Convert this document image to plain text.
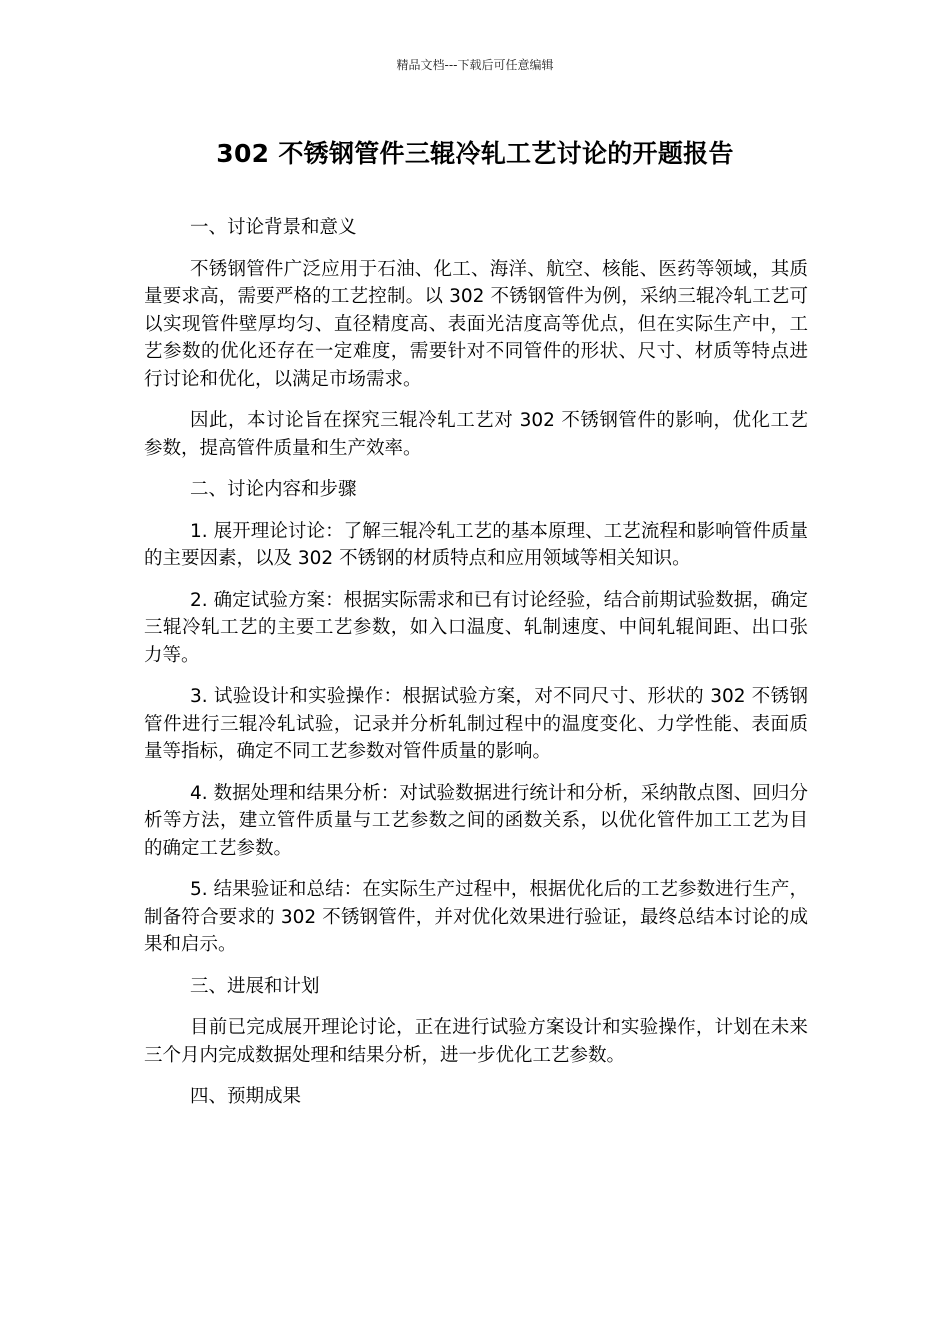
精品文档---下载后可任意编辑
302 不锈钢管件三辊冷轧工艺讨论的开题报告

一、讨论背景和意义

不锈钢管件广泛应用于石油、化工、海洋、航空、核能、医药等领域，其质量要求高，需要严格的工艺控制。以 302 不锈钢管件为例，采纳三辊冷轧工艺可以实现管件壁厚均匀、直径精度高、表面光洁度高等优点，但在实际生产中，工艺参数的优化还存在一定难度，需要针对不同管件的形状、尺寸、材质等特点进行讨论和优化，以满足市场需求。

因此，本讨论旨在探究三辊冷轧工艺对 302 不锈钢管件的影响，优化工艺参数，提高管件质量和生产效率。

二、讨论内容和步骤

1. 展开理论讨论：了解三辊冷轧工艺的基本原理、工艺流程和影响管件质量的主要因素，以及 302 不锈钢的材质特点和应用领域等相关知识。

2. 确定试验方案：根据实际需求和已有讨论经验，结合前期试验数据，确定三辊冷轧工艺的主要工艺参数，如入口温度、轧制速度、中间轧辊间距、出口张力等。

3. 试验设计和实验操作：根据试验方案，对不同尺寸、形状的 302 不锈钢管件进行三辊冷轧试验，记录并分析轧制过程中的温度变化、力学性能、表面质量等指标，确定不同工艺参数对管件质量的影响。

4. 数据处理和结果分析：对试验数据进行统计和分析，采纳散点图、回归分析等方法，建立管件质量与工艺参数之间的函数关系，以优化管件加工工艺为目的确定工艺参数。

5. 结果验证和总结：在实际生产过程中，根据优化后的工艺参数进行生产，制备符合要求的 302 不锈钢管件，并对优化效果进行验证，最终总结本讨论的成果和启示。

三、进展和计划

目前已完成展开理论讨论，正在进行试验方案设计和实验操作，计划在未来三个月内完成数据处理和结果分析，进一步优化工艺参数。

四、预期成果
